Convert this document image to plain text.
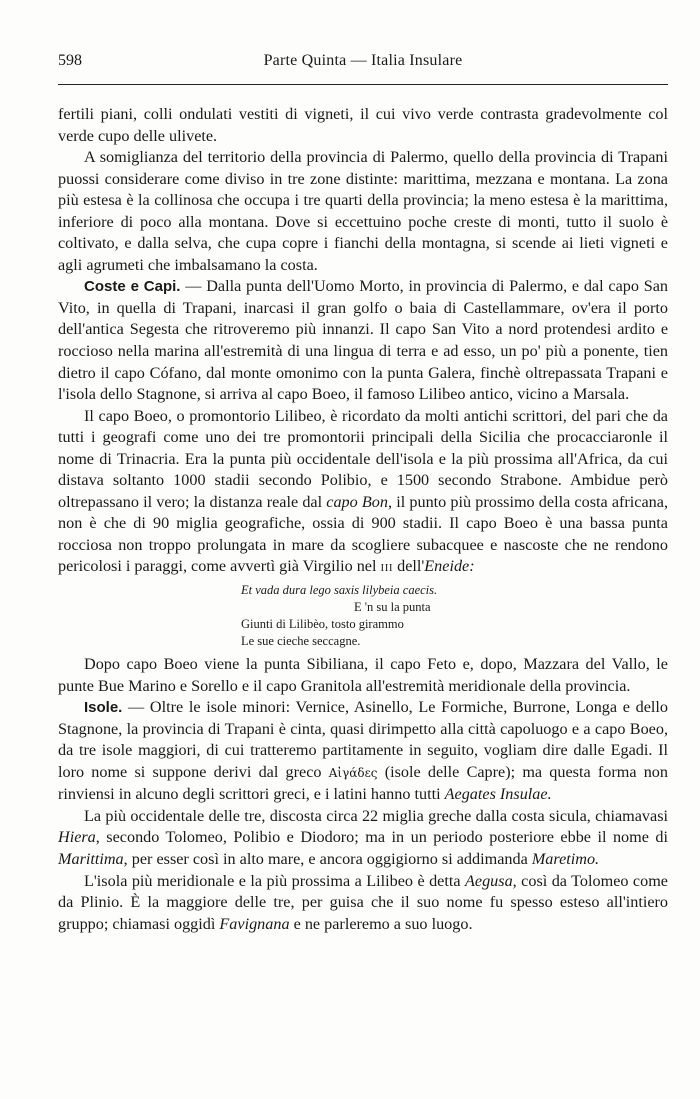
598	Parte Quinta — Italia Insulare

fertili piani, colli ondulati vestiti di vigneti, il cui vivo verde contrasta gradevolmente col verde cupo delle ulivete.

A somiglianza del territorio della provincia di Palermo, quello della provincia di Trapani puossi considerare come diviso in tre zone distinte: marittima, mezzana e montana. La zona più estesa è la collinosa che occupa i tre quarti della provincia; la meno estesa è la marittima, inferiore di poco alla montana. Dove si eccettuino poche creste di monti, tutto il suolo è coltivato, e dalla selva, che cupa copre i fianchi della montagna, si scende ai lieti vigneti e agli agrumeti che imbalsamano la costa.

Coste e Capi. — Dalla punta dell'Uomo Morto, in provincia di Palermo, e dal capo San Vito, in quella di Trapani, inarcasi il gran golfo o baia di Castellammare, ov'era il porto dell'antica Segesta che ritroveremo più innanzi. Il capo San Vito a nord protendesi ardito e roccioso nella marina all'estremità di una lingua di terra e ad esso, un po' più a ponente, tien dietro il capo Cófano, dal monte omonimo con la punta Galera, finchè oltrepassata Trapani e l'isola dello Stagnone, si arriva al capo Boeo, il famoso Lilibeo antico, vicino a Marsala.

Il capo Boeo, o promontorio Lilibeo, è ricordato da molti antichi scrittori, del pari che da tutti i geografi come uno dei tre promontorii principali della Sicilia che procacciaronle il nome di Trinacria. Era la punta più occidentale dell'isola e la più prossima all'Africa, da cui distava soltanto 1000 stadii secondo Polibio, e 1500 secondo Strabone. Ambidue però oltrepassano il vero; la distanza reale dal capo Bon, il punto più prossimo della costa africana, non è che di 90 miglia geografiche, ossia di 900 stadii. Il capo Boeo è una bassa punta rocciosa non troppo prolungata in mare da scogliere subacquee e nascoste che ne rendono pericolosi i paraggi, come avvertì già Virgilio nel III dell'Eneide:

Et vada dura lego saxis lilybeia caecis.
E 'n su la punta
Giunti di Lilibèo, tosto girammo
Le sue cieche seccagne.

Dopo capo Boeo viene la punta Sibiliana, il capo Feto e, dopo, Mazzara del Vallo, le punte Bue Marino e Sorello e il capo Granitola all'estremità meridionale della provincia.

Isole. — Oltre le isole minori: Vernice, Asinello, Le Formiche, Burrone, Longa e dello Stagnone, la provincia di Trapani è cinta, quasi dirimpetto alla città capoluogo e a capo Boeo, da tre isole maggiori, di cui tratteremo partitamente in seguito, vogliam dire dalle Egadi. Il loro nome si suppone derivi dal greco Αἰγάδες (isole delle Capre); ma questa forma non rinviensi in alcuno degli scrittori greci, e i latini hanno tutti Aegates Insulae.

La più occidentale delle tre, discosta circa 22 miglia greche dalla costa sicula, chiamavasi Hiera, secondo Tolomeo, Polibio e Diodoro; ma in un periodo posteriore ebbe il nome di Marittima, per esser così in alto mare, e ancora oggigiorno si addimanda Maretimo.

L'isola più meridionale e la più prossima a Lilibeo è detta Aegusa, così da Tolomeo come da Plinio. È la maggiore delle tre, per guisa che il suo nome fu spesso esteso all'intiero gruppo; chiamasi oggidì Favignana e ne parleremo a suo luogo.
